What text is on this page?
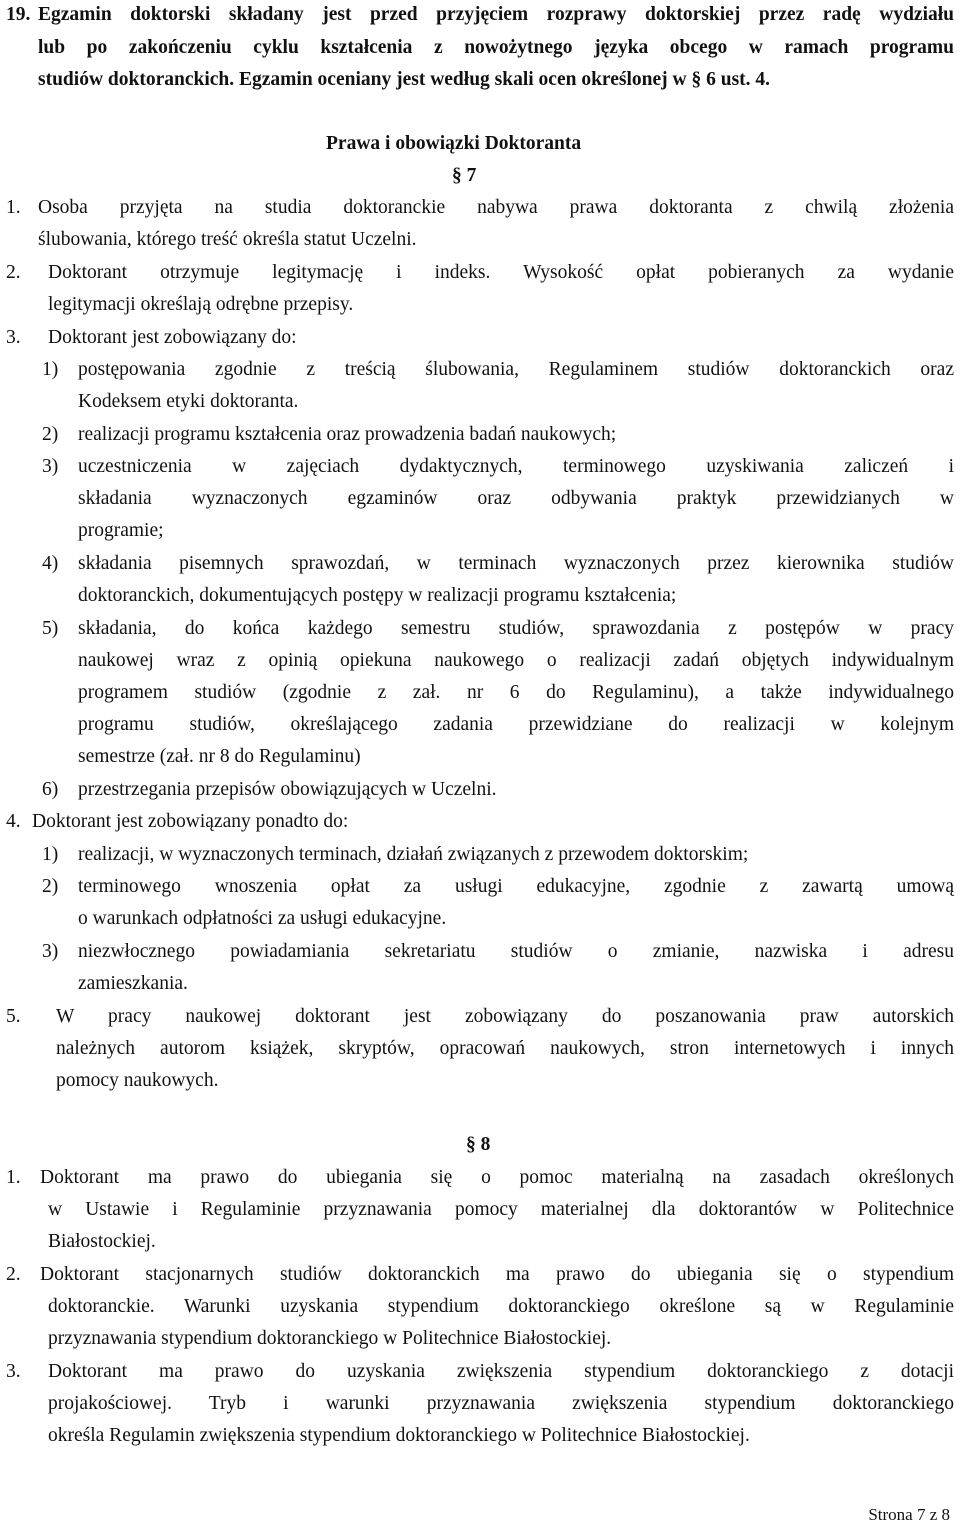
19. Egzamin doktorski składany jest przed przyjęciem rozprawy doktorskiej przez radę wydziału
lub po zakończeniu cyklu kształcenia z nowożytnego języka obcego w ramach programu
studiów doktoranckich. Egzamin oceniany jest według skali ocen określonej w § 6 ust. 4.
Prawa i obowiązki Doktoranta
§ 7
1. Osoba przyjęta na studia doktoranckie nabywa prawa doktoranta z chwilą złożenia
ślubowania, którego treść określa statut Uczelni.
2. Doktorant otrzymuje legitymację i indeks. Wysokość opłat pobieranych za wydanie
legitymacji określają odrębne przepisy.
3. Doktorant jest zobowiązany do:
1) postępowania zgodnie z treścią ślubowania, Regulaminem studiów doktoranckich oraz
Kodeksem etyki doktoranta.
2) realizacji programu kształcenia oraz prowadzenia badań naukowych;
3) uczestniczenia w zajęciach dydaktycznych, terminowego uzyskiwania zaliczeń i
składania wyznaczonych egzaminów oraz odbywania praktyk przewidzianych w
programie;
4) składania pisemnych sprawozdań, w terminach wyznaczonych przez kierownika studiów
doktoranckich, dokumentujących postępy w realizacji programu kształcenia;
5) składania, do końca każdego semestru studiów, sprawozdania z postępów w pracy
naukowej wraz z opinią opiekuna naukowego o realizacji zadań objętych indywidualnym
programem studiów (zgodnie z zał. nr 6 do Regulaminu), a także indywidualnego
programu studiów, określającego zadania przewidziane do realizacji w kolejnym
semestrze (zał. nr 8 do Regulaminu)
6) przestrzegania przepisów obowiązujących w Uczelni.
4. Doktorant jest zobowiązany ponadto do:
1) realizacji, w wyznaczonych terminach, działań związanych z przewodem doktorskim;
2) terminowego wnoszenia opłat za usługi edukacyjne, zgodnie z zawartą umową
o warunkach odpłatności za usługi edukacyjne.
3) niezwłocznego powiadamiania sekretariatu studiów o zmianie, nazwiska i adresu
zamieszkania.
5. W pracy naukowej doktorant jest zobowiązany do poszanowania praw autorskich
należnych autorom książek, skryptów, opracowań naukowych, stron internetowych i innych
pomocy naukowych.
§ 8
1. Doktorant ma prawo do ubiegania się o pomoc materialną na zasadach określonych
w Ustawie i Regulaminie przyznawania pomocy materialnej dla doktorantów w Politechnice
Białostockiej.
2. Doktorant stacjonarnych studiów doktoranckich ma prawo do ubiegania się o stypendium
doktoranckie. Warunki uzyskania stypendium doktoranckiego określone są w Regulaminie
przyznawania stypendium doktoranckiego w Politechnice Białostockiej.
3. Doktorant ma prawo do uzyskania zwiększenia stypendium doktoranckiego z dotacji
projakościowej. Tryb i warunki przyznawania zwiększenia stypendium doktoranckiego
określa Regulamin zwiększenia stypendium doktoranckiego w Politechnice Białostockiej.
Strona 7 z 8
